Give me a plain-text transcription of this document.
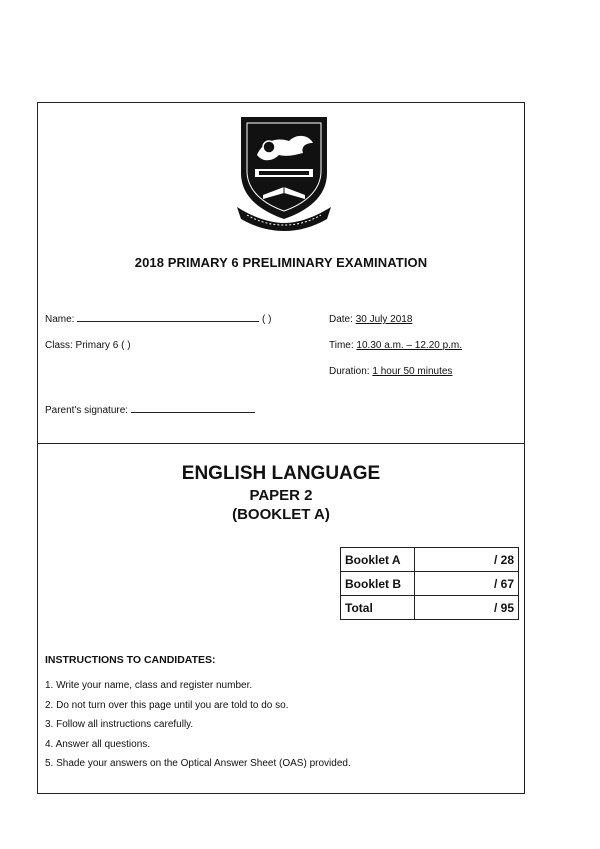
2018 PRIMARY 6 PRELIMINARY EXAMINATION
Name:	( )
Class: Primary 6 ( )
Parent's signature:
Date: 30 July 2018
Time: 10.30 a.m. – 12.20 p.m.
Duration: 1 hour 50 minutes
ENGLISH LANGUAGE
PAPER 2
(BOOKLET A)
Booklet A	/ 28
Booklet B	/ 67
Total	/ 95
INSTRUCTIONS TO CANDIDATES:
1. Write your name, class and register number.
2. Do not turn over this page until you are told to do so.
3. Follow all instructions carefully.
4. Answer all questions.
5. Shade your answers on the Optical Answer Sheet (OAS) provided.
